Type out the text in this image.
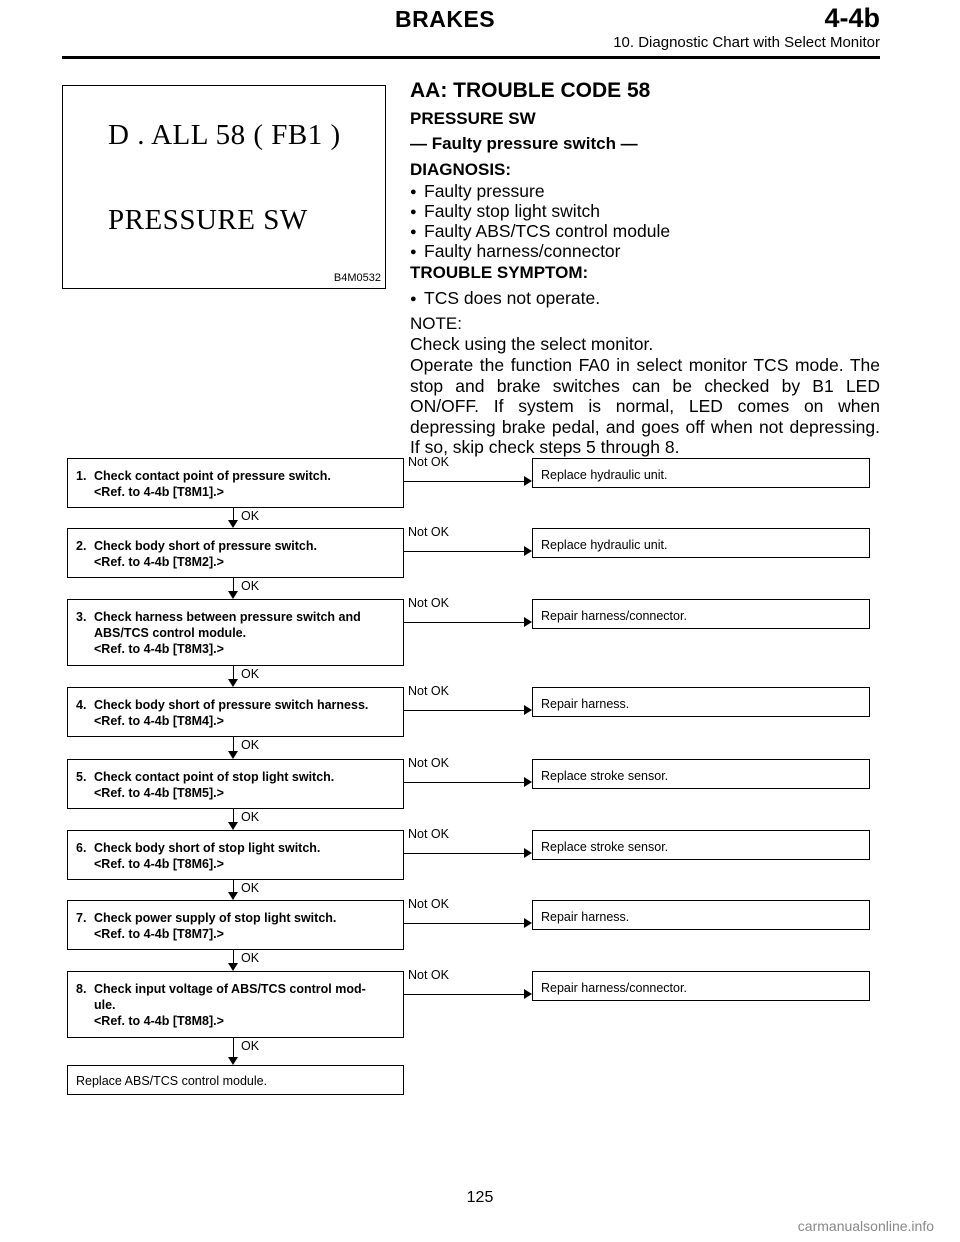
BRAKES	4-4b
10. Diagnostic Chart with Select Monitor
D . ALL 58 ( FB1 )
PRESSURE SW
B4M0532
AA: TROUBLE CODE 58
PRESSURE SW
— Faulty pressure switch —
DIAGNOSIS:
● Faulty pressure
● Faulty stop light switch
● Faulty ABS/TCS control module
● Faulty harness/connector
TROUBLE SYMPTOM:
● TCS does not operate.
NOTE:
Check using the select monitor.
Operate the function FA0 in select monitor TCS mode. The stop and brake switches can be checked by B1 LED ON/OFF. If system is normal, LED comes on when depressing brake pedal, and goes off when not depressing. If so, skip check steps 5 through 8.
1. Check contact point of pressure switch.
<Ref. to 4-4b [T8M1].>
Not OK
Replace hydraulic unit.
OK
2. Check body short of pressure switch.
<Ref. to 4-4b [T8M2].>
Not OK
Replace hydraulic unit.
OK
3. Check harness between pressure switch and
ABS/TCS control module.
<Ref. to 4-4b [T8M3].>
Not OK
Repair harness/connector.
OK
4. Check body short of pressure switch harness.
<Ref. to 4-4b [T8M4].>
Not OK
Repair harness.
OK
5. Check contact point of stop light switch.
<Ref. to 4-4b [T8M5].>
Not OK
Replace stroke sensor.
OK
6. Check body short of stop light switch.
<Ref. to 4-4b [T8M6].>
Not OK
Replace stroke sensor.
OK
7. Check power supply of stop light switch.
<Ref. to 4-4b [T8M7].>
Not OK
Repair harness.
OK
8. Check input voltage of ABS/TCS control mod-
ule.
<Ref. to 4-4b [T8M8].>
Not OK
Repair harness/connector.
OK
Replace ABS/TCS control module.
125
carmanualsonline.info
